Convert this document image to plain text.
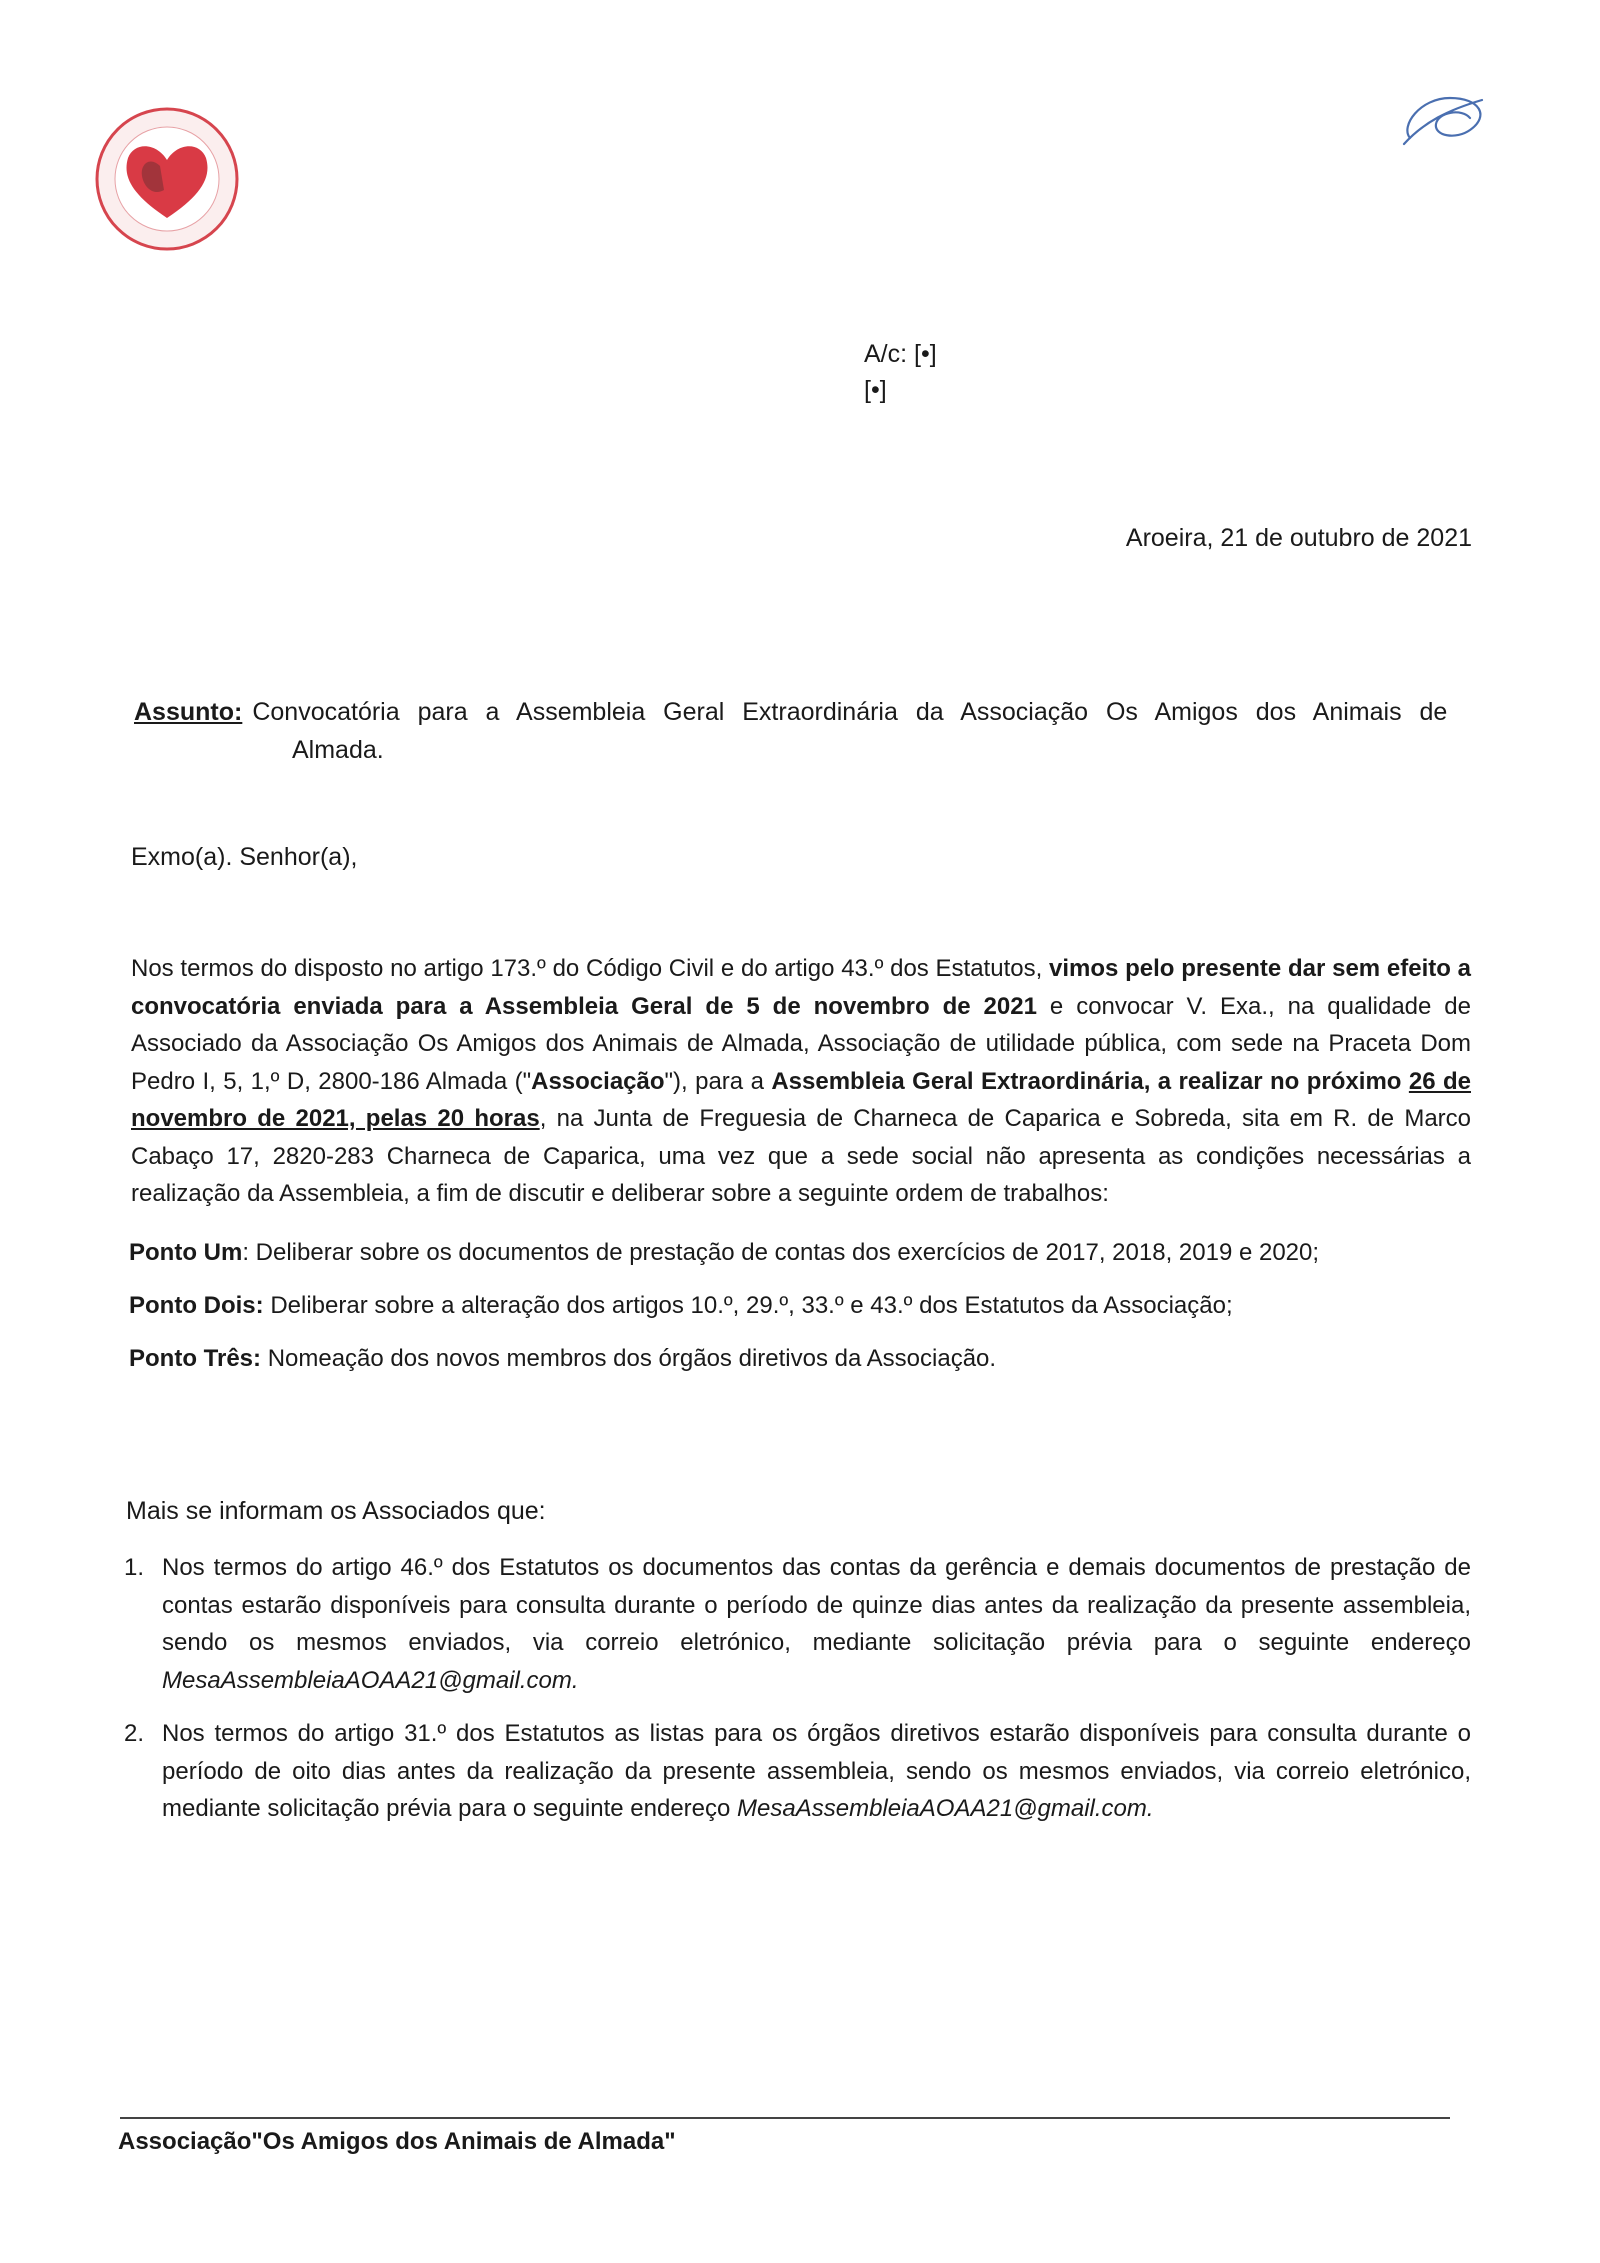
A/c: [•]
[•]
Aroeira, 21 de outubro de 2021
Assunto: Convocatória para a Assembleia Geral Extraordinária da Associação Os Amigos dos Animais de
Almada.
Exmo(a). Senhor(a),
Nos termos do disposto no artigo 173.º do Código Civil e do artigo 43.º dos Estatutos, vimos pelo presente dar sem efeito a convocatória enviada para a Assembleia Geral de 5 de novembro de 2021 e convocar V. Exa., na qualidade de Associado da Associação Os Amigos dos Animais de Almada, Associação de utilidade pública, com sede na Praceta Dom Pedro I, 5, 1,º D, 2800-186 Almada ("Associação"), para a Assembleia Geral Extraordinária, a realizar no próximo 26 de novembro de 2021, pelas 20 horas, na Junta de Freguesia de Charneca de Caparica e Sobreda, sita em R. de Marco Cabaço 17, 2820-283 Charneca de Caparica, uma vez que a sede social não apresenta as condições necessárias a realização da Assembleia, a fim de discutir e deliberar sobre a seguinte ordem de trabalhos:

Ponto Um: Deliberar sobre os documentos de prestação de contas dos exercícios de 2017, 2018, 2019 e 2020;

Ponto Dois: Deliberar sobre a alteração dos artigos 10.º, 29.º, 33.º e 43.º dos Estatutos da Associação;

Ponto Três: Nomeação dos novos membros dos órgãos diretivos da Associação.

Mais se informam os Associados que:
1. Nos termos do artigo 46.º dos Estatutos os documentos das contas da gerência e demais documentos de prestação de contas estarão disponíveis para consulta durante o período de quinze dias antes da realização da presente assembleia, sendo os mesmos enviados, via correio eletrónico, mediante solicitação prévia para o seguinte endereço MesaAssembleiaAOAA21@gmail.com.
2. Nos termos do artigo 31.º dos Estatutos as listas para os órgãos diretivos estarão disponíveis para consulta durante o período de oito dias antes da realização da presente assembleia, sendo os mesmos enviados, via correio eletrónico, mediante solicitação prévia para o seguinte endereço MesaAssembleiaAOAA21@gmail.com.
Associação"Os Amigos dos Animais de Almada"
